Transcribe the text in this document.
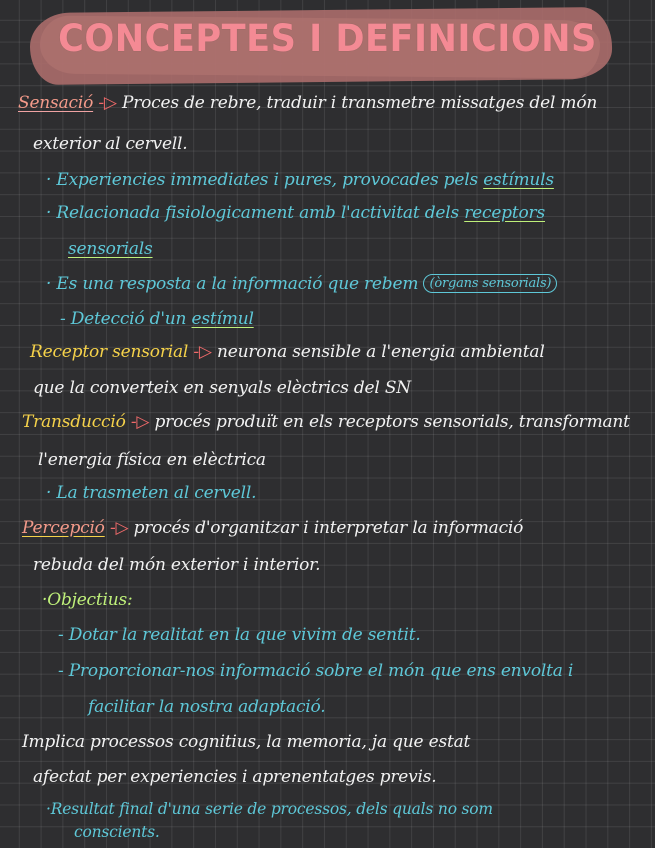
CONCEPTES I DEFINICIONS
Sensació -▷ Proces de rebre, traduir i transmetre missatges del món
exterior al cervell.
· Experiencies immediates i pures, provocades pels estímuls
· Relacionada fisiologicament amb l'activitat dels receptors
sensorials
· Es una resposta a la informació que rebem (òrgans sensorials)
- Detecció d'un estímul
Receptor sensorial -▷ neurona sensible a l'energia ambiental
que la converteix en senyals elèctrics del SN
Transducció -▷ procés produït en els receptors sensorials, transformant
l'energia física en elèctrica
· La trasmeten al cervell.
Percepció -▷ procés d'organitzar i interpretar la informació
rebuda del món exterior i interior.
·Objectius:
- Dotar la realitat en la que vivim de sentit.
- Proporcionar-nos informació sobre el món que ens envolta i
facilitar la nostra adaptació.
Implica processos cognitius, la memoria, ja que estat
afectat per experiencies i aprenentatges previs.
·Resultat final d'una serie de processos, dels quals no som
conscients.
